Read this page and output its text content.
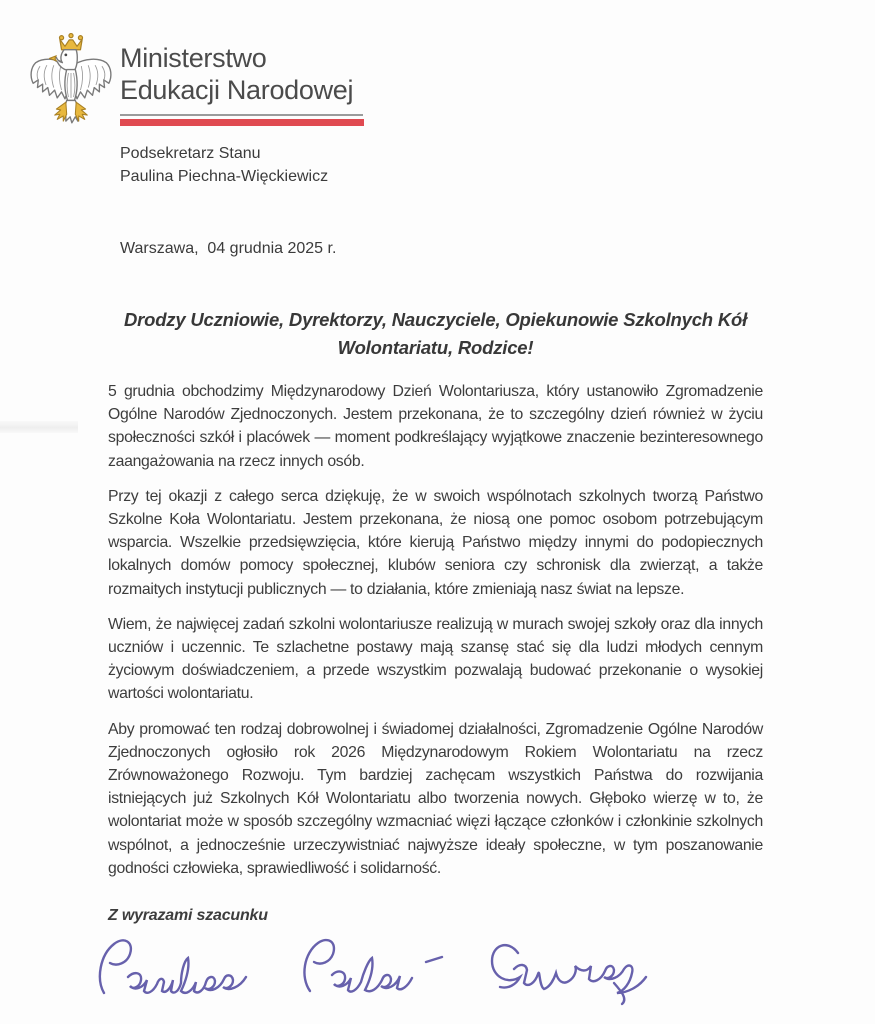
Ministerstwo
Edukacji Narodowej
Podsekretarz Stanu
Paulina Piechna-Więckiewicz
Warszawa,  04 grudnia 2025 r.
Drodzy Uczniowie, Dyrektorzy, Nauczyciele, Opiekunowie Szkolnych Kół
Wolontariatu, Rodzice!

5 grudnia obchodzimy Międzynarodowy Dzień Wolontariusza, który ustanowiło Zgromadzenie Ogólne Narodów Zjednoczonych. Jestem przekonana, że to szczególny dzień również w życiu społeczności szkół i placówek — moment podkreślający wyjątkowe znaczenie bezinteresownego zaangażowania na rzecz innych osób.

Przy tej okazji z całego serca dziękuję, że w swoich wspólnotach szkolnych tworzą Państwo Szkolne Koła Wolontariatu. Jestem przekonana, że niosą one pomoc osobom potrzebującym wsparcia. Wszelkie przedsięwzięcia, które kierują Państwo między innymi do podopiecznych lokalnych domów pomocy społecznej, klubów seniora czy schronisk dla zwierząt, a także rozmaitych instytucji publicznych — to działania, które zmieniają nasz świat na lepsze.

Wiem, że najwięcej zadań szkolni wolontariusze realizują w murach swojej szkoły oraz dla innych uczniów i uczennic. Te szlachetne postawy mają szansę stać się dla ludzi młodych cennym życiowym doświadczeniem, a przede wszystkim pozwalają budować przekonanie o wysokiej wartości wolontariatu.

Aby promować ten rodzaj dobrowolnej i świadomej działalności, Zgromadzenie Ogólne Narodów Zjednoczonych ogłosiło rok 2026 Międzynarodowym Rokiem Wolontariatu na rzecz Zrównoważonego Rozwoju. Tym bardziej zachęcam wszystkich Państwa do rozwijania istniejących już Szkolnych Kół Wolontariatu albo tworzenia nowych. Głęboko wierzę w to, że wolontariat może w sposób szczególny wzmacniać więzi łączące członków i członkinie szkolnych wspólnot, a jednocześnie urzeczywistniać najwyższe ideały społeczne, w tym poszanowanie godności człowieka, sprawiedliwość i solidarność.

Z wyrazami szacunku
